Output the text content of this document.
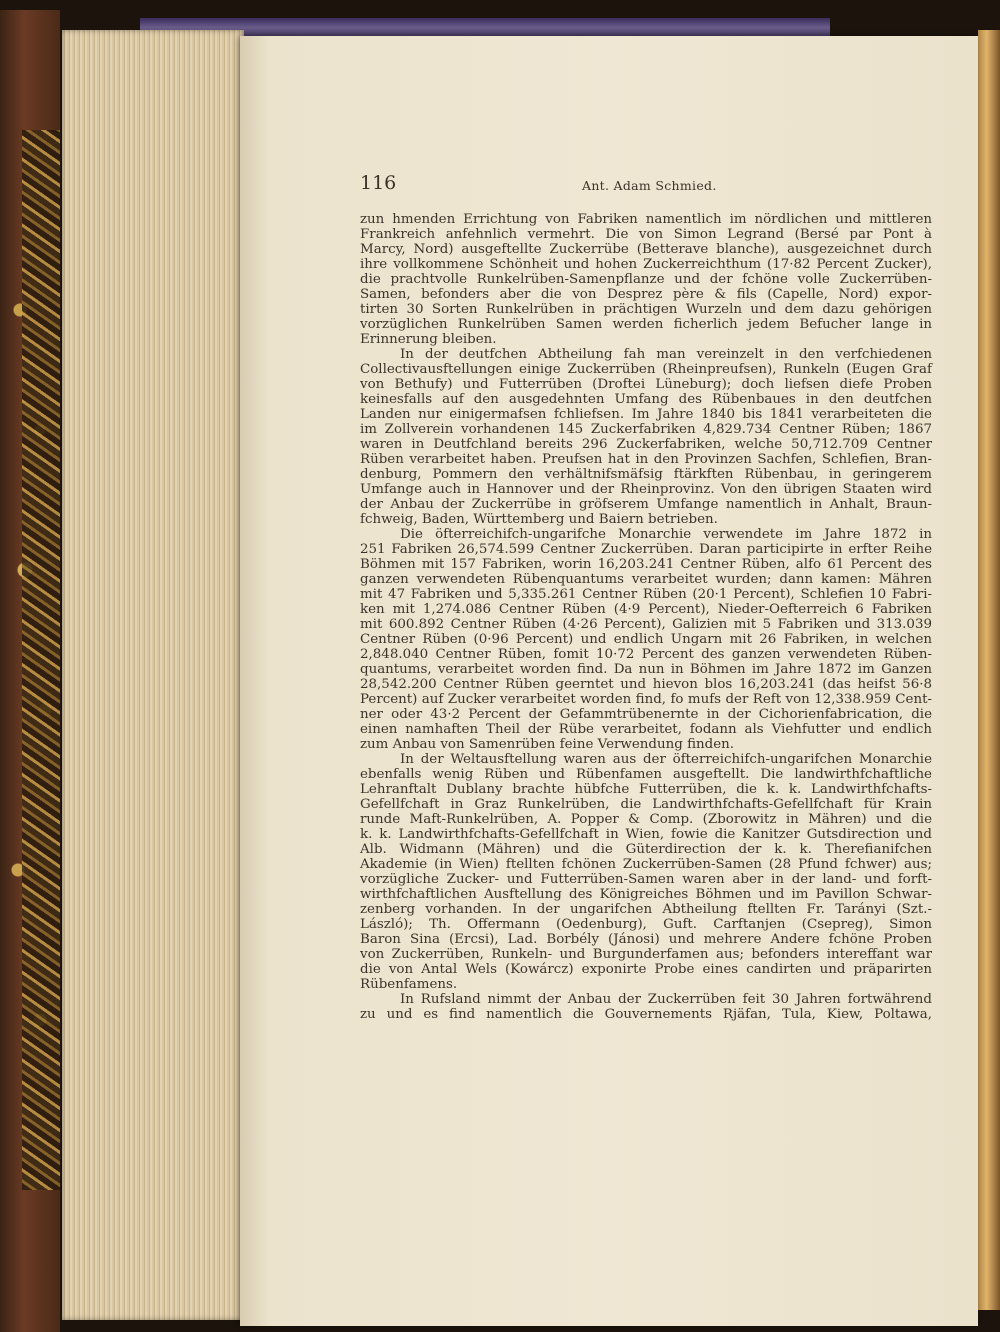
116	Ant. Adam Schmied.
zun hmenden Errichtung von Fabriken namentlich im nördlichen und mittleren
Frankreich anfehnlich vermehrt. Die von Simon Legrand (Bersé par Pont à
Marcy, Nord) ausgeftellte Zuckerrübe (Betterave blanche), ausgezeichnet durch
ihre vollkommene Schönheit und hohen Zuckerreichthum (17·82 Percent Zucker),
die prachtvolle Runkelrüben-Samenpflanze und der fchöne volle Zuckerrüben-
Samen, befonders aber die von Desprez père & fils (Capelle, Nord) expor-
tirten 30 Sorten Runkelrüben in prächtigen Wurzeln und dem dazu gehörigen
vorzüglichen Runkelrüben Samen werden ficherlich jedem Befucher lange in
Erinnerung bleiben.
In der deutfchen Abtheilung fah man vereinzelt in den verfchiedenen
Collectivausftellungen einige Zuckerrüben (Rheinpreufsen), Runkeln (Eugen Graf
von Bethufy) und Futterrüben (Droftei Lüneburg); doch liefsen diefe Proben
keinesfalls auf den ausgedehnten Umfang des Rübenbaues in den deutfchen
Landen nur einigermafsen fchliefsen. Im Jahre 1840 bis 1841 verarbeiteten die
im Zollverein vorhandenen 145 Zuckerfabriken 4,829.734 Centner Rüben; 1867
waren in Deutfchland bereits 296 Zuckerfabriken, welche 50,712.709 Centner
Rüben verarbeitet haben. Preufsen hat in den Provinzen Sachfen, Schlefien, Bran-
denburg, Pommern den verhältnifsmäfsig ftärkften Rübenbau, in geringerem
Umfange auch in Hannover und der Rheinprovinz. Von den übrigen Staaten wird
der Anbau der Zuckerrübe in gröfserem Umfange namentlich in Anhalt, Braun-
fchweig, Baden, Württemberg und Baiern betrieben.
Die öfterreichifch-ungarifche Monarchie verwendete im Jahre 1872 in
251 Fabriken 26,574.599 Centner Zuckerrüben. Daran participirte in erfter Reihe
Böhmen mit 157 Fabriken, worin 16,203.241 Centner Rüben, alfo 61 Percent des
ganzen verwendeten Rübenquantums verarbeitet wurden; dann kamen: Mähren
mit 47 Fabriken und 5,335.261 Centner Rüben (20·1 Percent), Schlefien 10 Fabri-
ken mit 1,274.086 Centner Rüben (4·9 Percent), Nieder-Oefterreich 6 Fabriken
mit 600.892 Centner Rüben (4·26 Percent), Galizien mit 5 Fabriken und 313.039
Centner Rüben (0·96 Percent) und endlich Ungarn mit 26 Fabriken, in welchen
2,848.040 Centner Rüben, fomit 10·72 Percent des ganzen verwendeten Rüben-
quantums, verarbeitet worden find. Da nun in Böhmen im Jahre 1872 im Ganzen
28,542.200 Centner Rüben geerntet und hievon blos 16,203.241 (das heifst 56·8
Percent) auf Zucker verarbeitet worden find, fo mufs der Reft von 12,338.959 Cent-
ner oder 43·2 Percent der Gefammtrübenernte in der Cichorienfabrication, die
einen namhaften Theil der Rübe verarbeitet, fodann als Viehfutter und endlich
zum Anbau von Samenrüben feine Verwendung finden.
In der Weltausftellung waren aus der öfterreichifch-ungarifchen Monarchie
ebenfalls wenig Rüben und Rübenfamen ausgeftellt. Die landwirthfchaftliche
Lehranftalt Dublany brachte hübfche Futterrüben, die k. k. Landwirthfchafts-
Gefellfchaft in Graz Runkelrüben, die Landwirthfchafts-Gefellfchaft für Krain
runde Maft-Runkelrüben, A. Popper & Comp. (Zborowitz in Mähren) und die
k. k. Landwirthfchafts-Gefellfchaft in Wien, fowie die Kanitzer Gutsdirection und
Alb. Widmann (Mähren) und die Güterdirection der k. k. Therefianifchen
Akademie (in Wien) ftellten fchönen Zuckerrüben-Samen (28 Pfund fchwer) aus;
vorzügliche Zucker- und Futterrüben-Samen waren aber in der land- und forft-
wirthfchaftlichen Ausftellung des Königreiches Böhmen und im Pavillon Schwar-
zenberg vorhanden. In der ungarifchen Abtheilung ftellten Fr. Tarányi (Szt.-
László); Th. Offermann (Oedenburg), Guft. Carftanjen (Csepreg), Simon
Baron Sina (Ercsi), Lad. Borbély (Jánosi) und mehrere Andere fchöne Proben
von Zuckerrüben, Runkeln- und Burgunderfamen aus; befonders intereffant war
die von Antal Wels (Kowárcz) exponirte Probe eines candirten und präparirten
Rübenfamens.
In Rufsland nimmt der Anbau der Zuckerrüben feit 30 Jahren fortwährend
zu und es find namentlich die Gouvernements Rjäfan, Tula, Kiew, Poltawa,
